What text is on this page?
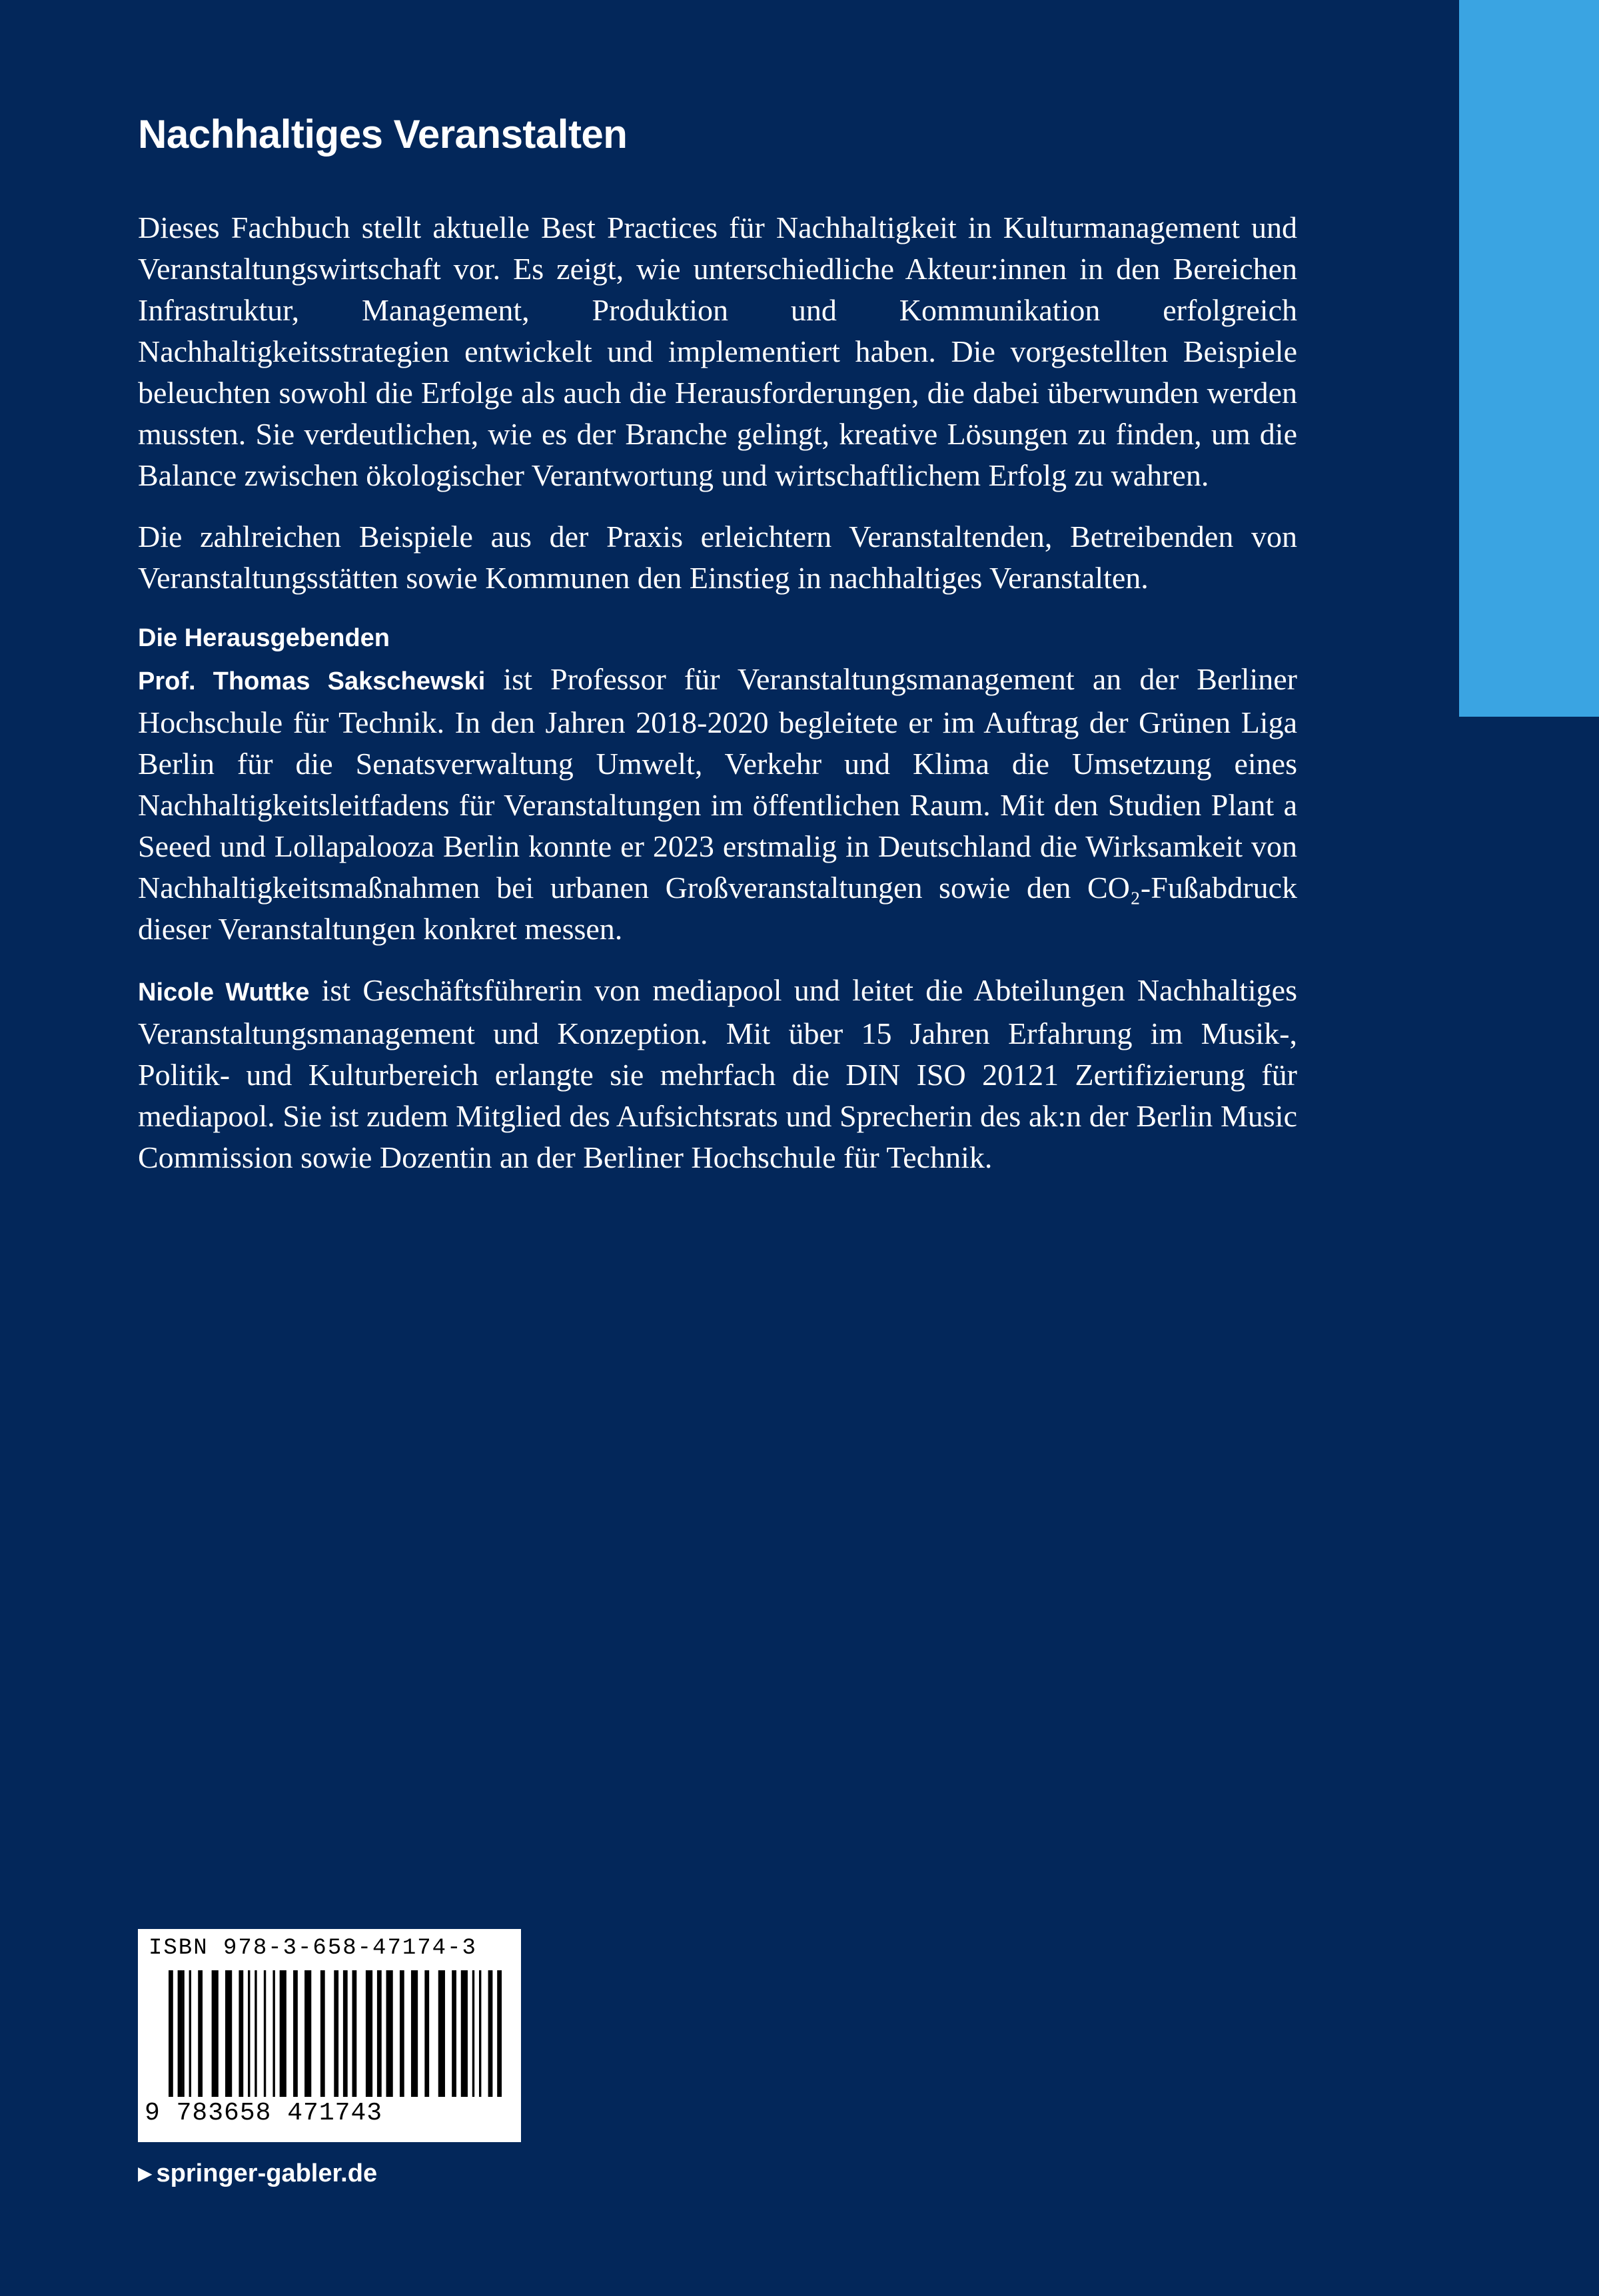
Nachhaltiges Veranstalten

Dieses Fachbuch stellt aktuelle Best Practices für Nachhaltigkeit in Kulturmanagement und Veranstaltungswirtschaft vor. Es zeigt, wie unterschiedliche Akteur:innen in den Bereichen Infrastruktur, Management, Produktion und Kommunikation erfolgreich Nachhaltigkeitsstrategien entwickelt und implementiert haben. Die vorgestellten Beispiele beleuchten sowohl die Erfolge als auch die Herausforderungen, die dabei überwunden werden mussten. Sie verdeutlichen, wie es der Branche gelingt, kreative Lösungen zu finden, um die Balance zwischen ökologischer Verantwortung und wirtschaftlichem Erfolg zu wahren.

Die zahlreichen Beispiele aus der Praxis erleichtern Veranstaltenden, Betreibenden von Veranstaltungsstätten sowie Kommunen den Einstieg in nachhaltiges Veranstalten.

Die Herausgebenden

Prof. Thomas Sakschewski ist Professor für Veranstaltungsmanagement an der Berliner Hochschule für Technik. In den Jahren 2018-2020 begleitete er im Auftrag der Grünen Liga Berlin für die Senatsverwaltung Umwelt, Verkehr und Klima die Umsetzung eines Nachhaltigkeitsleitfadens für Veranstaltungen im öffentlichen Raum. Mit den Studien Plant a Seeed und Lollapalooza Berlin konnte er 2023 erstmalig in Deutschland die Wirksamkeit von Nachhaltigkeitsmaßnahmen bei urbanen Großveranstaltungen sowie den CO₂-Fußabdruck dieser Veranstaltungen konkret messen.

Nicole Wuttke ist Geschäftsführerin von mediapool und leitet die Abteilungen Nachhaltiges Veranstaltungsmanagement und Konzeption. Mit über 15 Jahren Erfahrung im Musik-, Politik- und Kulturbereich erlangte sie mehrfach die DIN ISO 20121 Zertifizierung für mediapool. Sie ist zudem Mitglied des Aufsichtsrats und Sprecherin des ak:n der Berlin Music Commission sowie Dozentin an der Berliner Hochschule für Technik.

ISBN 978-3-658-47174-3
9 783658 471743
▶ springer-gabler.de
